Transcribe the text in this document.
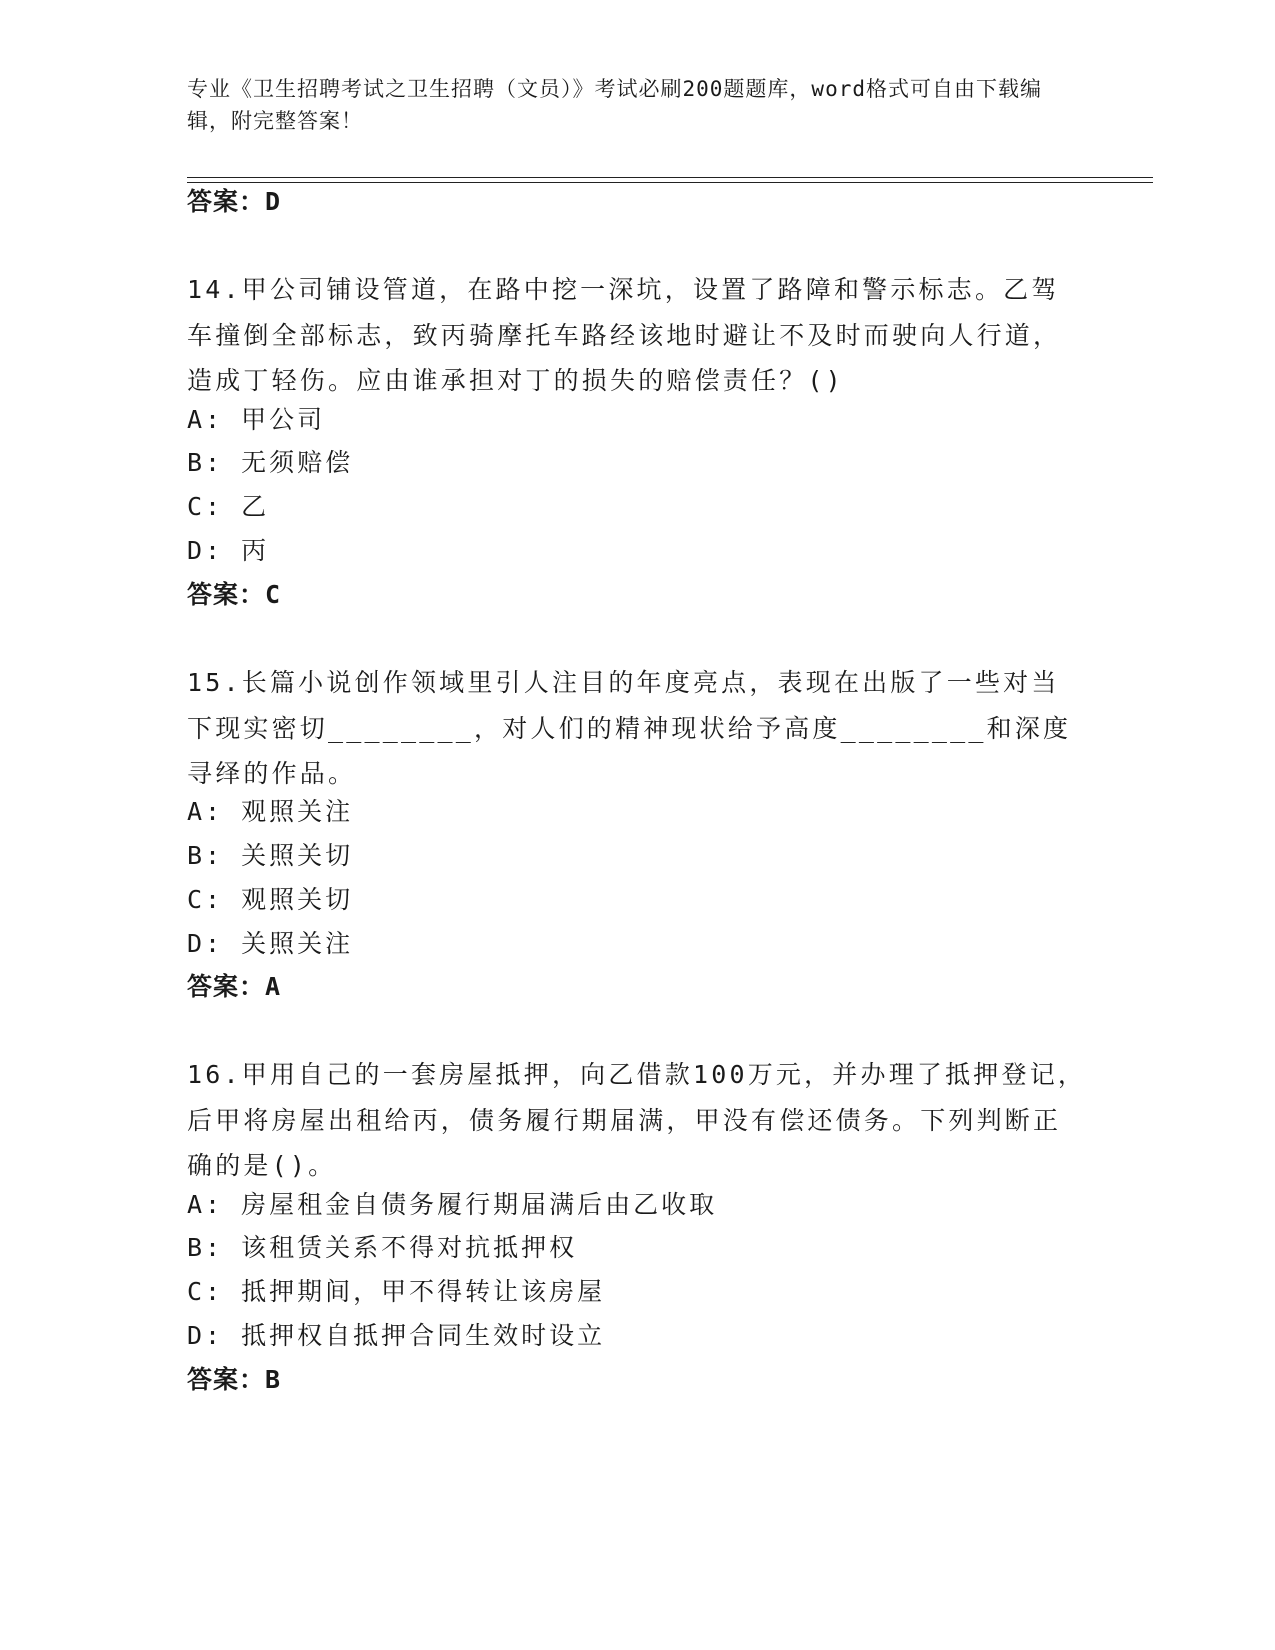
专业《卫生招聘考试之卫生招聘（文员）》考试必刷200题题库，word格式可自由下载编辑，附完整答案！
答案：D
14.甲公司铺设管道，在路中挖一深坑，设置了路障和警示标志。乙驾车撞倒全部标志，致丙骑摩托车路经该地时避让不及时而驶向人行道，造成丁轻伤。应由谁承担对丁的损失的赔偿责任？()
A: 甲公司
B: 无须赔偿
C: 乙
D: 丙
答案：C
15.长篇小说创作领域里引人注目的年度亮点，表现在出版了一些对当下现实密切________，对人们的精神现状给予高度________和深度寻绎的作品。
A: 观照关注
B: 关照关切
C: 观照关切
D: 关照关注
答案：A
16.甲用自己的一套房屋抵押，向乙借款100万元，并办理了抵押登记，后甲将房屋出租给丙，债务履行期届满，甲没有偿还债务。下列判断正确的是()。
A: 房屋租金自债务履行期届满后由乙收取
B: 该租赁关系不得对抗抵押权
C: 抵押期间，甲不得转让该房屋
D: 抵押权自抵押合同生效时设立
答案：B
